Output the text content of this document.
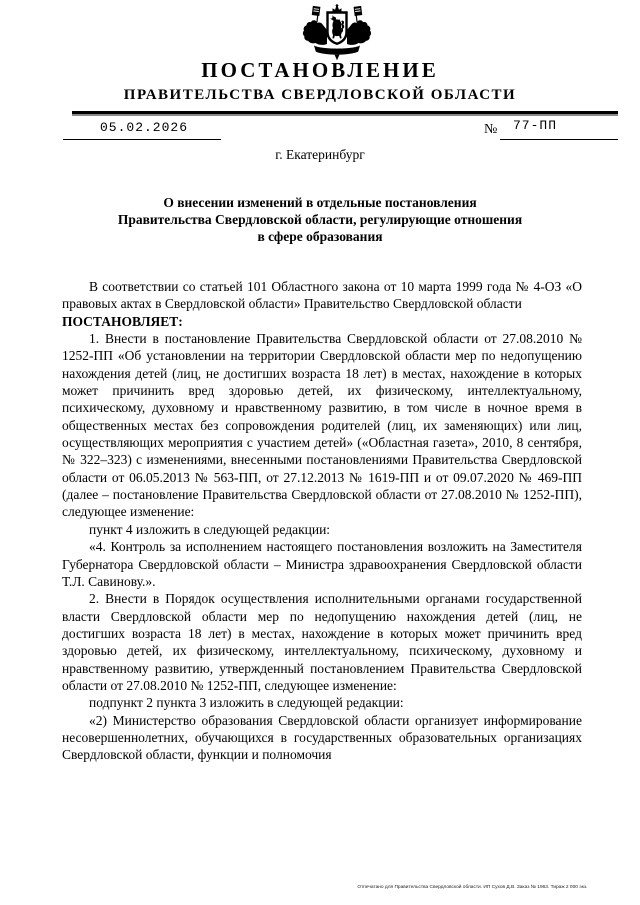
ПОСТАНОВЛЕНИЕ
ПРАВИТЕЛЬСТВА СВЕРДЛОВСКОЙ ОБЛАСТИ
05.02.2026	№ 77-ПП
г. Екатеринбург
О внесении изменений в отдельные постановления
Правительства Свердловской области, регулирующие отношения
в сфере образования

В соответствии со статьей 101 Областного закона от 10 марта 1999 года № 4-ОЗ «О правовых актах в Свердловской области» Правительство Свердловской области

ПОСТАНОВЛЯЕТ:

1. Внести в постановление Правительства Свердловской области от 27.08.2010 № 1252-ПП «Об установлении на территории Свердловской области мер по недопущению нахождения детей (лиц, не достигших возраста 18 лет) в местах, нахождение в которых может причинить вред здоровью детей, их физическому, интеллектуальному, психическому, духовному и нравственному развитию, в том числе в ночное время в общественных местах без сопровождения родителей (лиц, их заменяющих) или лиц, осуществляющих мероприятия с участием детей» («Областная газета», 2010, 8 сентября, № 322–323) с изменениями, внесенными постановлениями Правительства Свердловской области от 06.05.2013 № 563-ПП, от 27.12.2013 № 1619-ПП и от 09.07.2020 № 469-ПП (далее – постановление Правительства Свердловской области от 27.08.2010 № 1252-ПП), следующее изменение:

пункт 4 изложить в следующей редакции:

«4. Контроль за исполнением настоящего постановления возложить на Заместителя Губернатора Свердловской области – Министра здравоохранения Свердловской области Т.Л. Савинову.».

2. Внести в Порядок осуществления исполнительными органами государственной власти Свердловской области мер по недопущению нахождения детей (лиц, не достигших возраста 18 лет) в местах, нахождение в которых может причинить вред здоровью детей, их физическому, интеллектуальному, психическому, духовному и нравственному развитию, утвержденный постановлением Правительства Свердловской области от 27.08.2010 № 1252-ПП, следующее изменение:

подпункт 2 пункта 3 изложить в следующей редакции:

«2) Министерство образования Свердловской области организует информирование несовершеннолетних, обучающихся в государственных образовательных организациях Свердловской области, функции и полномочия

Отпечатано для Правительства Свердловской области. ИП Сухов Д.В. Заказ № 1963. Тираж 2 000 экз.
